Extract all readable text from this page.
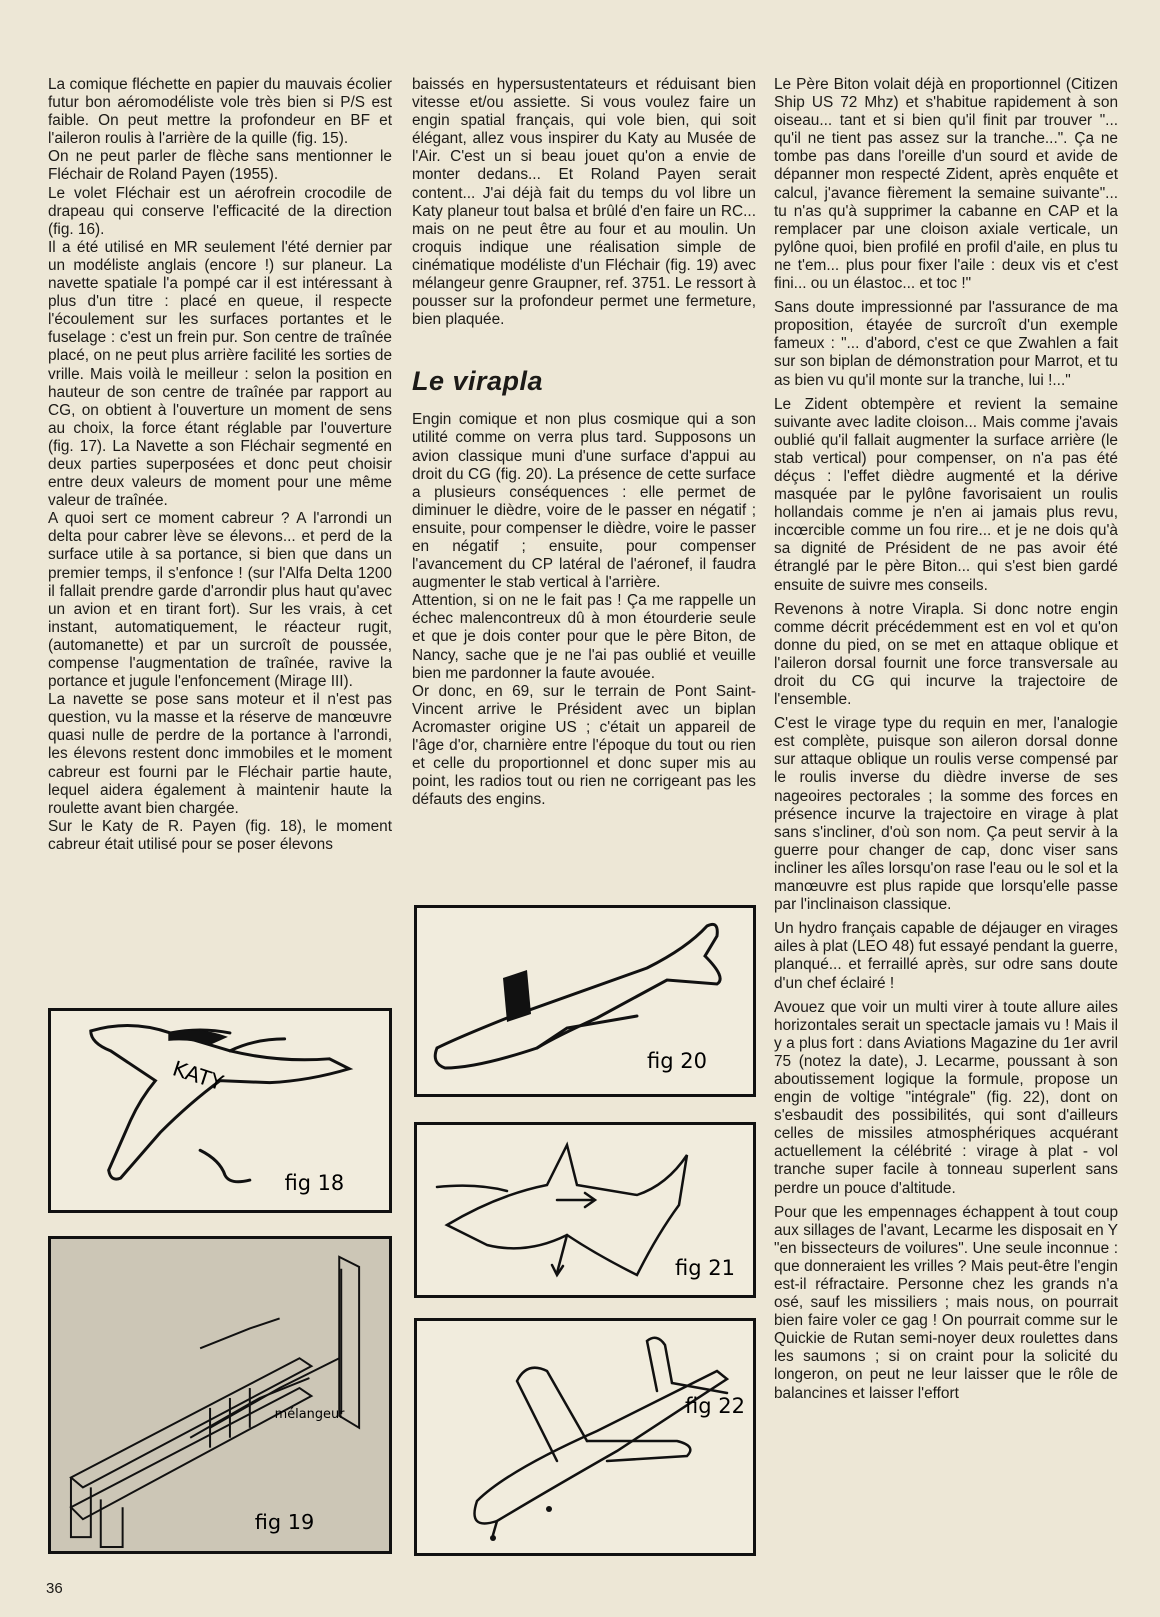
La comique fléchette en papier du mauvais écolier futur bon aéromodéliste vole très bien si P/S est faible. On peut mettre la profondeur en BF et l'aileron roulis à l'arrière de la quille (fig. 15).

On ne peut parler de flèche sans mentionner le Fléchair de Roland Payen (1955).

Le volet Fléchair est un aérofrein crocodile de drapeau qui conserve l'efficacité de la direction (fig. 16).

Il a été utilisé en MR seulement l'été dernier par un modéliste anglais (encore !) sur planeur. La navette spatiale l'a pompé car il est intéressant à plus d'un titre : placé en queue, il respecte l'écoulement sur les surfaces portantes et le fuselage : c'est un frein pur. Son centre de traînée placé, on ne peut plus arrière facilité les sorties de vrille. Mais voilà le meilleur : selon la position en hauteur de son centre de traînée par rapport au CG, on obtient à l'ouverture un moment de sens au choix, la force étant réglable par l'ouverture (fig. 17). La Navette a son Fléchair segmenté en deux parties superposées et donc peut choisir entre deux valeurs de moment pour une même valeur de traînée.

A quoi sert ce moment cabreur ? A l'arrondi un delta pour cabrer lève se élevons... et perd de la surface utile à sa portance, si bien que dans un premier temps, il s'enfonce ! (sur l'Alfa Delta 1200 il fallait prendre garde d'arrondir plus haut qu'avec un avion et en tirant fort). Sur les vrais, à cet instant, automatiquement, le réacteur rugit, (automanette) et par un surcroît de poussée, compense l'augmentation de traînée, ravive la portance et jugule l'enfoncement (Mirage III).

La navette se pose sans moteur et il n'est pas question, vu la masse et la réserve de manœuvre quasi nulle de perdre de la portance à l'arrondi, les élevons restent donc immobiles et le moment cabreur est fourni par le Fléchair partie haute, lequel aidera également à maintenir haute la roulette avant bien chargée.

Sur le Katy de R. Payen (fig. 18), le moment cabreur était utilisé pour se poser élevons

baissés en hypersustentateurs et réduisant bien vitesse et/ou assiette. Si vous voulez faire un engin spatial français, qui vole bien, qui soit élégant, allez vous inspirer du Katy au Musée de l'Air. C'est un si beau jouet qu'on a envie de monter dedans... Et Roland Payen serait content... J'ai déjà fait du temps du vol libre un Katy planeur tout balsa et brûlé d'en faire un RC... mais on ne peut être au four et au moulin. Un croquis indique une réalisation simple de cinématique modéliste d'un Fléchair (fig. 19) avec mélangeur genre Graupner, ref. 3751. Le ressort à pousser sur la profondeur permet une fermeture, bien plaquée.

Le virapla

Engin comique et non plus cosmique qui a son utilité comme on verra plus tard. Supposons un avion classique muni d'une surface d'appui au droit du CG (fig. 20). La présence de cette surface a plusieurs conséquences : elle permet de diminuer le dièdre, voire de le passer en négatif ; ensuite, pour compenser le dièdre, voire le passer en négatif ; ensuite, pour compenser l'avancement du CP latéral de l'aéronef, il faudra augmenter le stab vertical à l'arrière.

Attention, si on ne le fait pas ! Ça me rappelle un échec malencontreux dû à mon étourderie seule et que je dois conter pour que le père Biton, de Nancy, sache que je ne l'ai pas oublié et veuille bien me pardonner la faute avouée.

Or donc, en 69, sur le terrain de Pont Saint-Vincent arrive le Président avec un biplan Acromaster origine US ; c'était un appareil de l'âge d'or, charnière entre l'époque du tout ou rien et celle du proportionnel et donc super mis au point, les radios tout ou rien ne corrigeant pas les défauts des engins.

Le Père Biton volait déjà en proportionnel (Citizen Ship US 72 Mhz) et s'habitue rapidement à son oiseau... tant et si bien qu'il finit par trouver "... qu'il ne tient pas assez sur la tranche...". Ça ne tombe pas dans l'oreille d'un sourd et avide de dépanner mon respecté Zident, après enquête et calcul, j'avance fièrement la semaine suivante"... tu n'as qu'à supprimer la cabanne en CAP et la remplacer par une cloison axiale verticale, un pylône quoi, bien profilé en profil d'aile, en plus tu ne t'em... plus pour fixer l'aile : deux vis et c'est fini... ou un élastoc... et toc !"

Sans doute impressionné par l'assurance de ma proposition, étayée de surcroît d'un exemple fameux : "... d'abord, c'est ce que Zwahlen a fait sur son biplan de démonstration pour Marrot, et tu as bien vu qu'il monte sur la tranche, lui !..."

Le Zident obtempère et revient la semaine suivante avec ladite cloison... Mais comme j'avais oublié qu'il fallait augmenter la surface arrière (le stab vertical) pour compenser, on n'a pas été déçus : l'effet dièdre augmenté et la dérive masquée par le pylône favorisaient un roulis hollandais comme je n'en ai jamais plus revu, incœrcible comme un fou rire... et je ne dois qu'à sa dignité de Président de ne pas avoir été étranglé par le père Biton... qui s'est bien gardé ensuite de suivre mes conseils.

Revenons à notre Virapla. Si donc notre engin comme décrit précédemment est en vol et qu'on donne du pied, on se met en attaque oblique et l'aileron dorsal fournit une force transversale au droit du CG qui incurve la trajectoire de l'ensemble.

C'est le virage type du requin en mer, l'analogie est complète, puisque son aileron dorsal donne sur attaque oblique un roulis verse compensé par le roulis inverse du dièdre inverse de ses nageoires pectorales ; la somme des forces en présence incurve la trajectoire en virage à plat sans s'incliner, d'où son nom. Ça peut servir à la guerre pour changer de cap, donc viser sans incliner les aîles lorsqu'on rase l'eau ou le sol et la manœuvre est plus rapide que lorsqu'elle passe par l'inclinaison classique.

Un hydro français capable de déjauger en virages ailes à plat (LEO 48) fut essayé pendant la guerre, planqué... et ferraillé après, sur odre sans doute d'un chef éclairé !

Avouez que voir un multi virer à toute allure ailes horizontales serait un spectacle jamais vu ! Mais il y a plus fort : dans Aviations Magazine du 1er avril 75 (notez la date), J. Lecarme, poussant à son aboutissement logique la formule, propose un engin de voltige "intégrale" (fig. 22), dont on s'esbaudit des possibilités, qui sont d'ailleurs celles de missiles atmosphériques acquérant actuellement la célébrité : virage à plat - vol tranche super facile à tonneau superlent sans perdre un pouce d'altitude.

Pour que les empennages échappent à tout coup aux sillages de l'avant, Lecarme les disposait en Y "en bissecteurs de voilures". Une seule inconnue : que donneraient les vrilles ? Mais peut-être l'engin est-il réfractaire. Personne chez les grands n'a osé, sauf les missiliers ; mais nous, on pourrait bien faire voler ce gag ! On pourrait comme sur le Quickie de Rutan semi-noyer deux roulettes dans les saumons ; si on craint pour la solicité du longeron, on peut ne leur laisser que le rôle de balancines et laisser l'effort

KATY
fig 18
mélangeur
fig 19
fig 20
fig 21
fig 22
36
